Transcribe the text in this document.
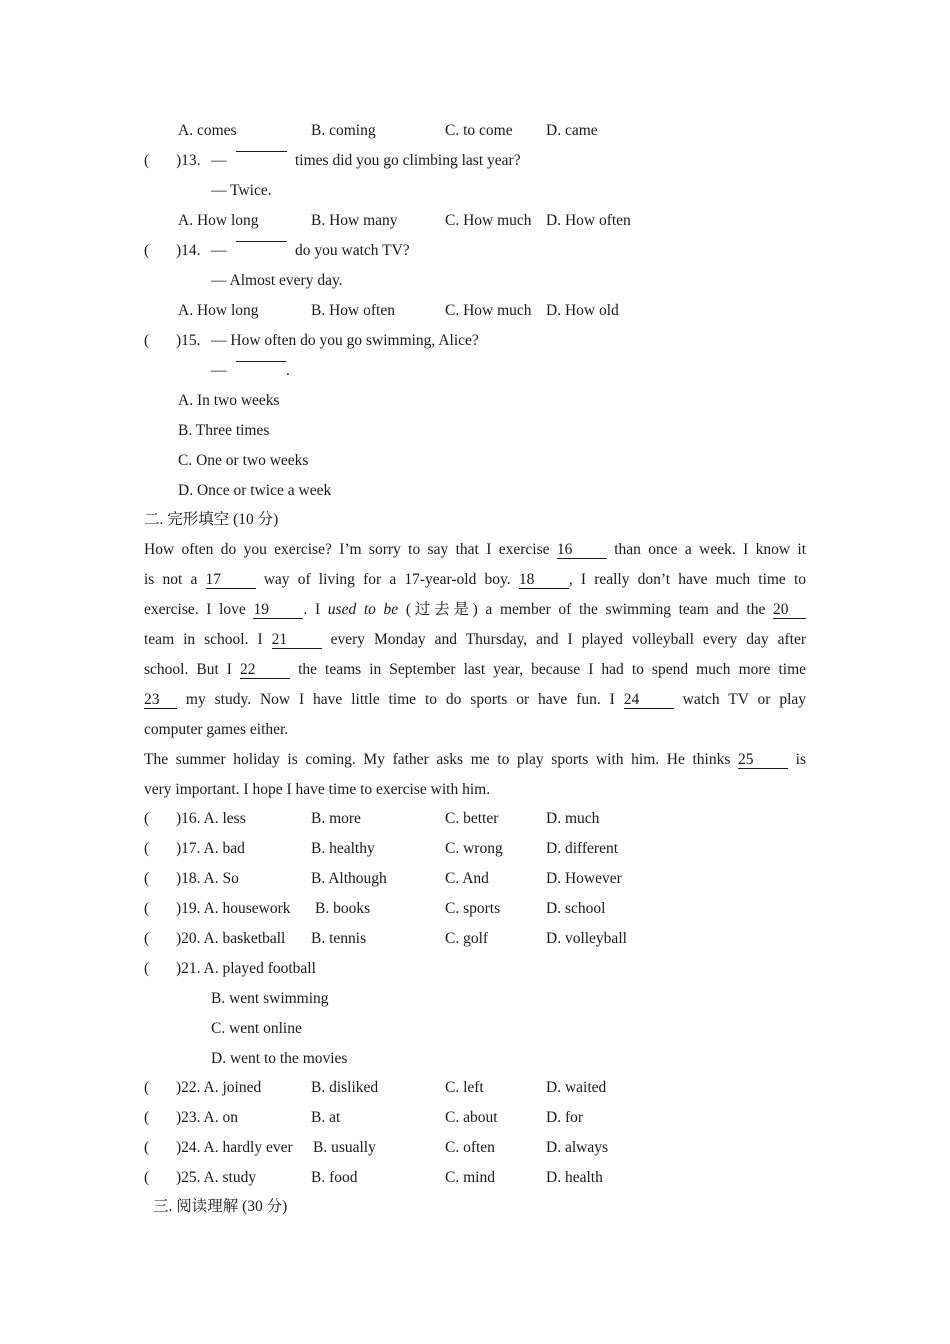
A. comes	B. coming	C. to come D. came
( )13. —	times did you go climbing last year?
— Twice.
A. How long	B. How many	C. How much D. How often
( )14. —	do you watch TV?
— Almost every day.
A. How long	B. How often	C. How much D. How old
( )15. — How often do you go swimming, Alice?
—	.
A. In two weeks
B. Three times
C. One or two weeks
D. Once or twice a week
二. 完形填空 (10 分)
How often do you exercise? I’m sorry to say that I exercise 16	than once a week. I know it
is not a 17	way of living for a 17-year-old boy. 18 , I really don’t have much time to
exercise. I love 19 . I used to be (过去是) a member of the swimming team and the 20
team in school. I 21	every Monday and Thursday, and I played volleyball every day after
school. But I 22	the teams in September last year, because I had to spend much more time
23 my study. Now I have little time to do sports or have fun. I 24	watch TV or play
computer games either.
The summer holiday is coming. My father asks me to play sports with him. He thinks 25	is
very important. I hope I have time to exercise with him.
( )16. A. less	B. more	C. better	D. much
( )17. A. bad	B. healthy	C. wrong	D. different
( )18. A. So	B. Although	C. And	D. However
( )19. A. housework B. books	C. sports	D. school
( )20. A. basketball B. tennis	C. golf	D. volleyball
( )21. A. played football
B. went swimming
C. went online
D. went to the movies
( )22. A. joined	B. disliked	C. left	D. waited
( )23. A. on	B. at	C. about	D. for
( )24. A. hardly ever B. usually	C. often	D. always
( )25. A. study	B. food	C. mind	D. health
三. 阅读理解 (30 分)
